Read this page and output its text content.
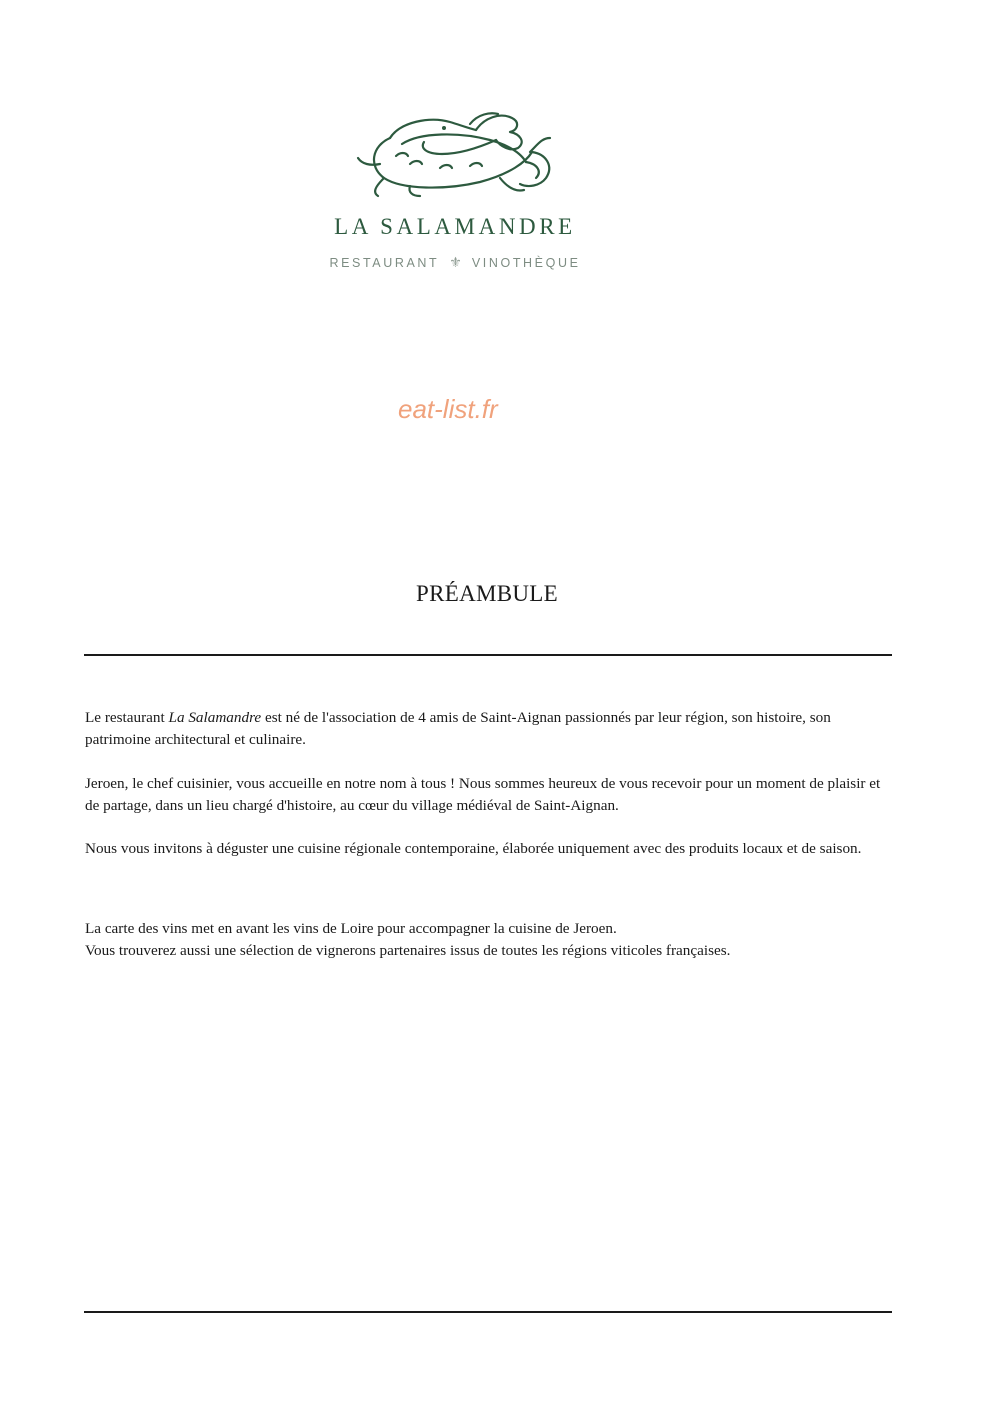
LA SALAMANDRE
RESTAURANT ⚜ VINOTHÈQUE
eat-list.fr
PRÉAMBULE

Le restaurant La Salamandre est né de l'association de 4 amis de Saint-Aignan passionnés par leur région, son histoire, son patrimoine architectural et culinaire.

Jeroen, le chef cuisinier, vous accueille en notre nom à tous ! Nous sommes heureux de vous recevoir pour un moment de plaisir et de partage, dans un lieu chargé d'histoire, au cœur du village médiéval de Saint-Aignan.

Nous vous invitons à déguster une cuisine régionale contemporaine, élaborée uniquement avec des produits locaux et de saison.

La carte des vins met en avant les vins de Loire pour accompagner la cuisine de Jeroen.
Vous trouverez aussi une sélection de vignerons partenaires issus de toutes les régions viticoles françaises.
